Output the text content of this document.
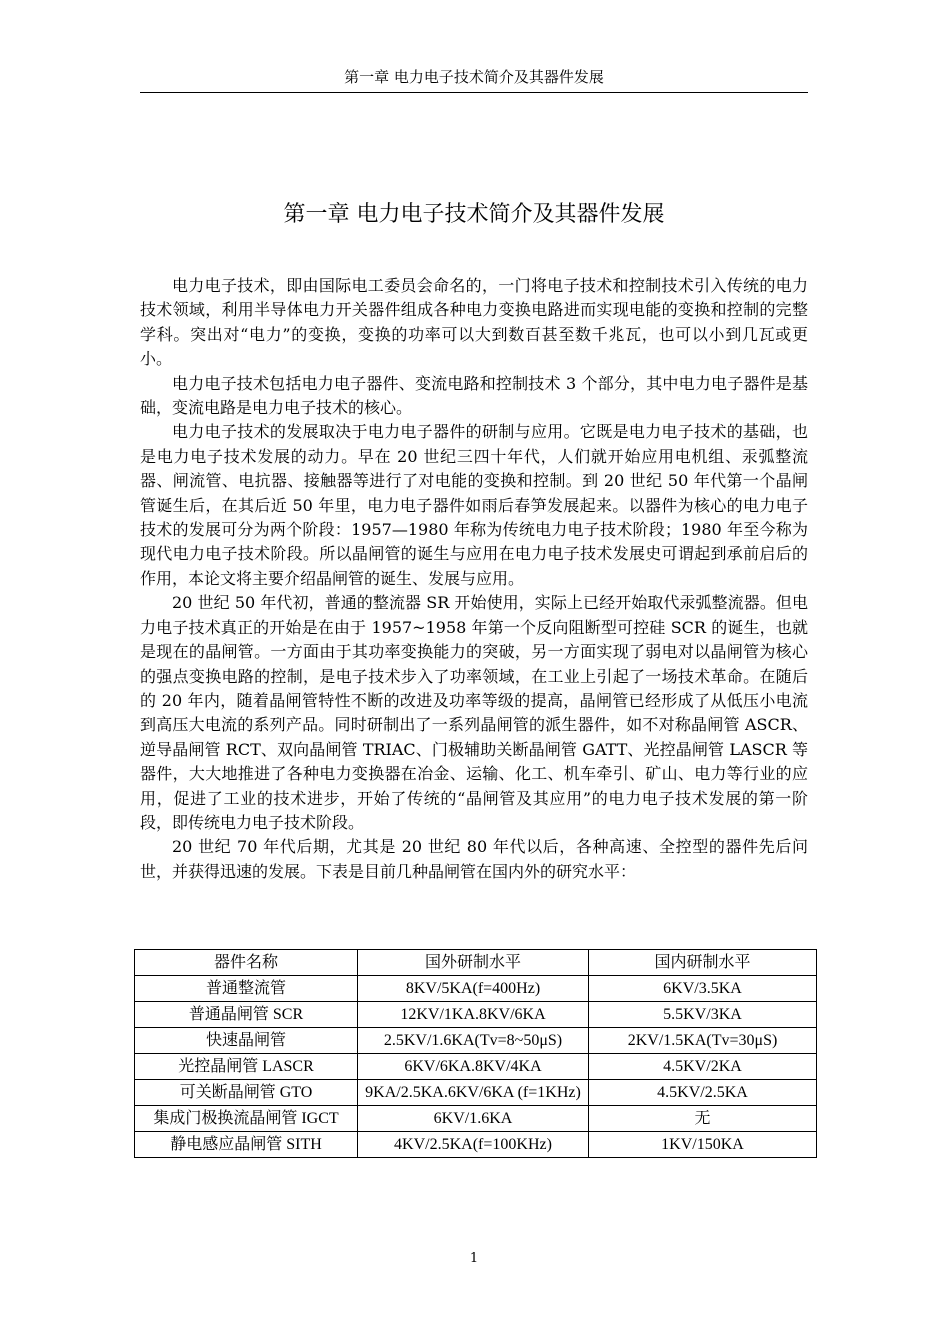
第一章 电力电子技术简介及其器件发展
第一章 电力电子技术简介及其器件发展

电力电子技术，即由国际电工委员会命名的，一门将电子技术和控制技术引入传统的电力技术领域，利用半导体电力开关器件组成各种电力变换电路进而实现电能的变换和控制的完整学科。突出对“电力”的变换，变换的功率可以大到数百甚至数千兆瓦，也可以小到几瓦或更小。

电力电子技术包括电力电子器件、变流电路和控制技术 3 个部分，其中电力电子器件是基础，变流电路是电力电子技术的核心。

电力电子技术的发展取决于电力电子器件的研制与应用。它既是电力电子技术的基础，也是电力电子技术发展的动力。早在 20 世纪三四十年代，人们就开始应用电机组、汞弧整流器、闸流管、电抗器、接触器等进行了对电能的变换和控制。到 20 世纪 50 年代第一个晶闸管诞生后，在其后近 50 年里，电力电子器件如雨后春笋发展起来。以器件为核心的电力电子技术的发展可分为两个阶段：1957—1980 年称为传统电力电子技术阶段；1980 年至今称为现代电力电子技术阶段。所以晶闸管的诞生与应用在电力电子技术发展史可谓起到承前启后的作用，本论文将主要介绍晶闸管的诞生、发展与应用。

20 世纪 50 年代初，普通的整流器 SR 开始使用，实际上已经开始取代汞弧整流器。但电力电子技术真正的开始是在由于 1957~1958 年第一个反向阻断型可控硅 SCR 的诞生，也就是现在的晶闸管。一方面由于其功率变换能力的突破，另一方面实现了弱电对以晶闸管为核心的强点变换电路的控制，是电子技术步入了功率领域，在工业上引起了一场技术革命。在随后的 20 年内，随着晶闸管特性不断的改进及功率等级的提高，晶闸管已经形成了从低压小电流到高压大电流的系列产品。同时研制出了一系列晶闸管的派生器件，如不对称晶闸管 ASCR、逆导晶闸管 RCT、双向晶闸管 TRIAC、门极辅助关断晶闸管 GATT、光控晶闸管 LASCR 等器件，大大地推进了各种电力变换器在冶金、运输、化工、机车牵引、矿山、电力等行业的应用，促进了工业的技术进步，开始了传统的“晶闸管及其应用”的电力电子技术发展的第一阶段，即传统电力电子技术阶段。

20 世纪 70 年代后期，尤其是 20 世纪 80 年代以后，各种高速、全控型的器件先后问世，并获得迅速的发展。下表是目前几种晶闸管在国内外的研究水平：

器件名称	国外研制水平	国内研制水平
普通整流管	8KV/5KA(f=400Hz)	6KV/3.5KA
普通晶闸管 SCR	12KV/1KA.8KV/6KA	5.5KV/3KA
快速晶闸管	2.5KV/1.6KA(Tv=8~50μS)	2KV/1.5KA(Tv=30μS)
光控晶闸管 LASCR	6KV/6KA.8KV/4KA	4.5KV/2KA
可关断晶闸管 GTO	9KA/2.5KA.6KV/6KA (f=1KHz)	4.5KV/2.5KA
集成门极换流晶闸管 IGCT	6KV/1.6KA	无
静电感应晶闸管 SITH	4KV/2.5KA(f=100KHz)	1KV/150KA
1
